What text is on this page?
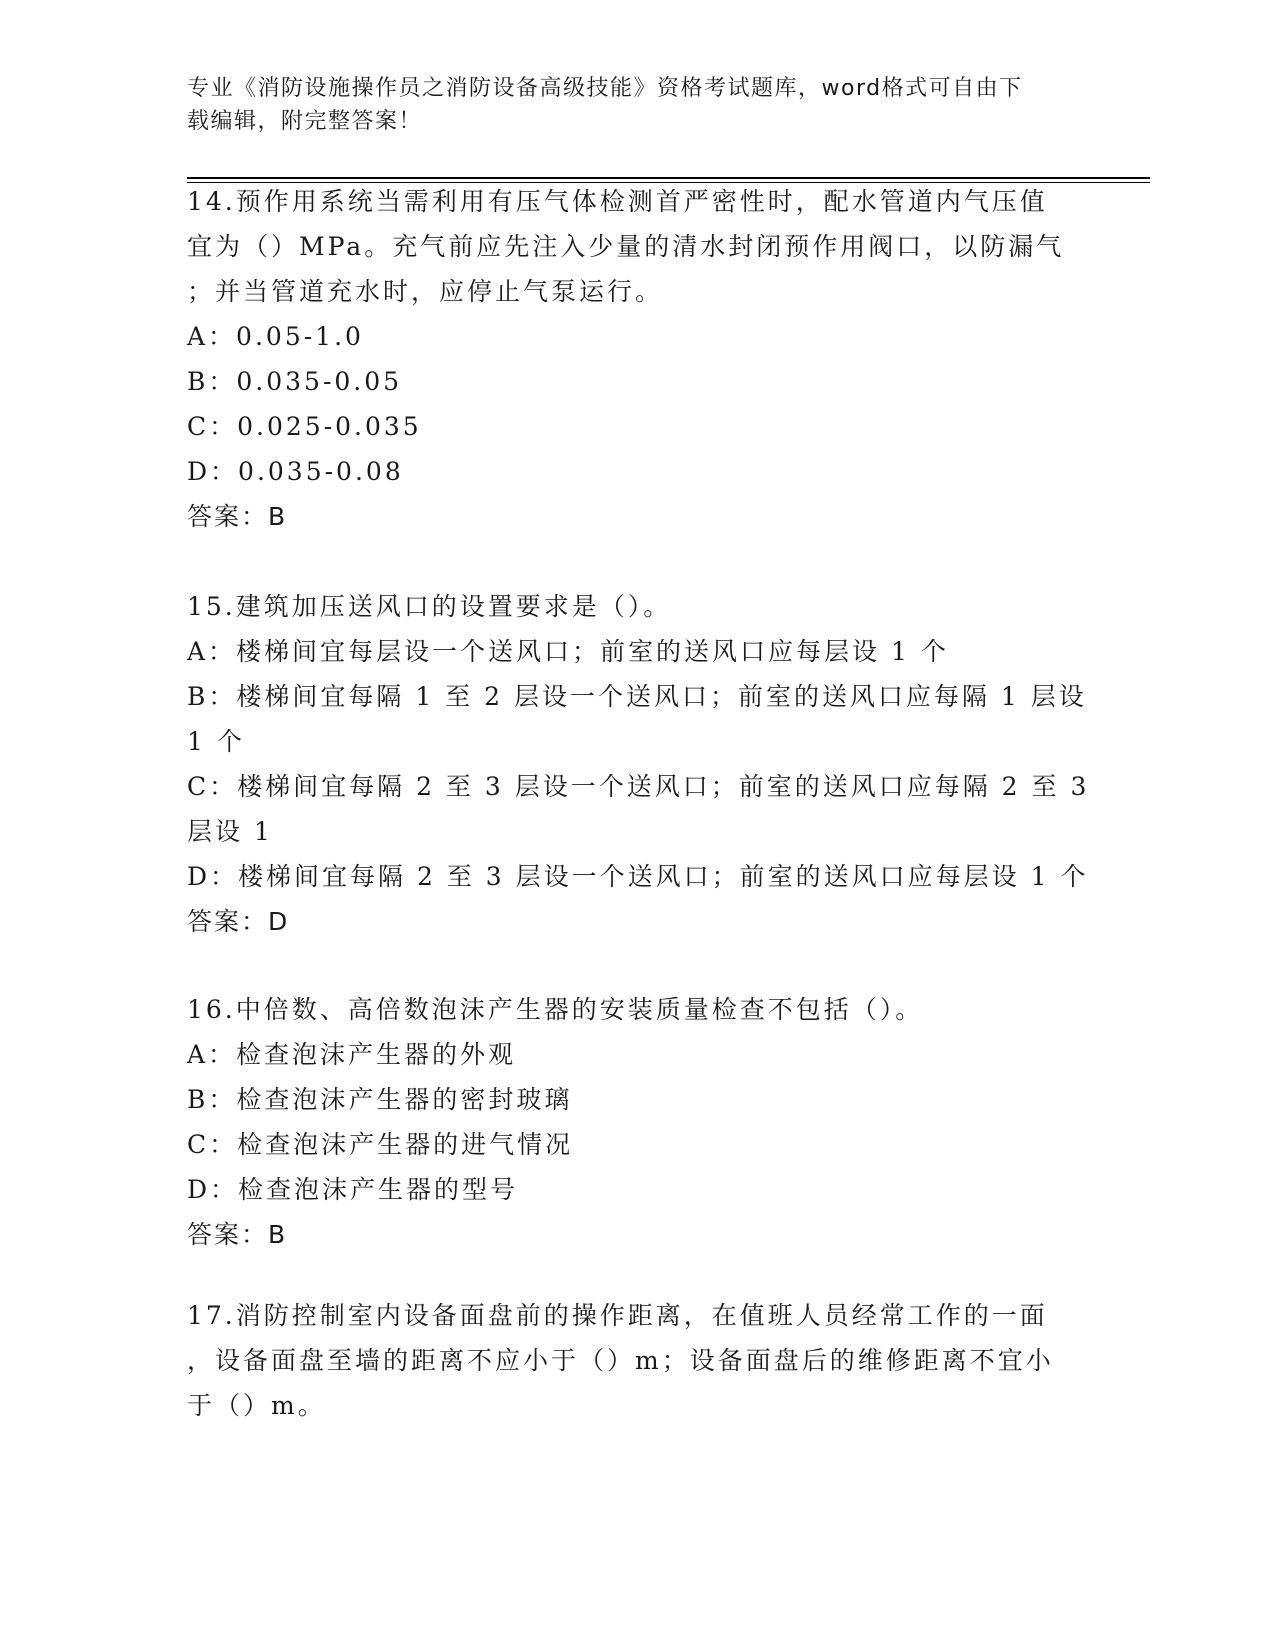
专业《消防设施操作员之消防设备高级技能》资格考试题库，word格式可自由下
载编辑，附完整答案！
14.预作用系统当需利用有压气体检测首严密性时，配水管道内气压值
宜为（）MPa。充气前应先注入少量的清水封闭预作用阀口，以防漏气
；并当管道充水时，应停止气泵运行。
A：0.05-1.0
B：0.035-0.05
C：0.025-0.035
D：0.035-0.08
答案：B
15.建筑加压送风口的设置要求是（）。
A：楼梯间宜每层设一个送风口；前室的送风口应每层设 1 个
B：楼梯间宜每隔 1 至 2 层设一个送风口；前室的送风口应每隔 1 层设
1 个
C：楼梯间宜每隔 2 至 3 层设一个送风口；前室的送风口应每隔 2 至 3
层设 1
D：楼梯间宜每隔 2 至 3 层设一个送风口；前室的送风口应每层设 1 个
答案：D
16.中倍数、高倍数泡沫产生器的安装质量检查不包括（）。
A：检查泡沫产生器的外观
B：检查泡沫产生器的密封玻璃
C：检查泡沫产生器的进气情况
D：检查泡沫产生器的型号
答案：B
17.消防控制室内设备面盘前的操作距离，在值班人员经常工作的一面
，设备面盘至墙的距离不应小于（）m；设备面盘后的维修距离不宜小
于（）m。
